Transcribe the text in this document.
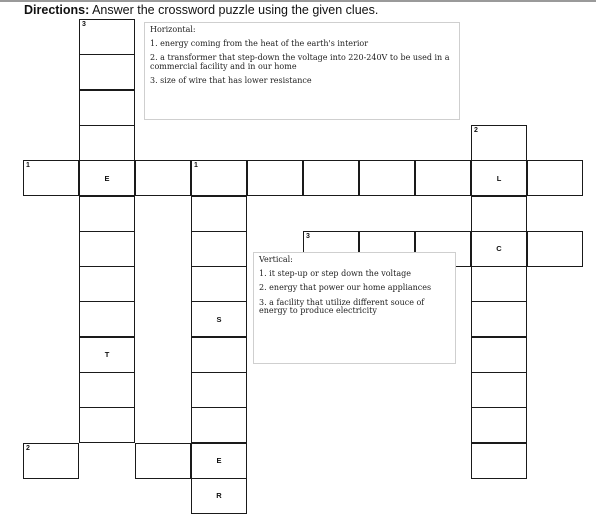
Directions: Answer the crossword puzzle using the given clues.
3
E
T
1	1
L
2
C
S
E
R
3
2
Horizontal:

1. energy coming from the heat of the earth's interior

2. a transformer that step-down the voltage into 220-240V to be used in a commercial facility and in our home

3. size of wire that has lower resistance

Vertical:

1. it step-up or step down the voltage

2. energy that power our home appliances

3. a facility that utilize different souce of energy to produce electricity
